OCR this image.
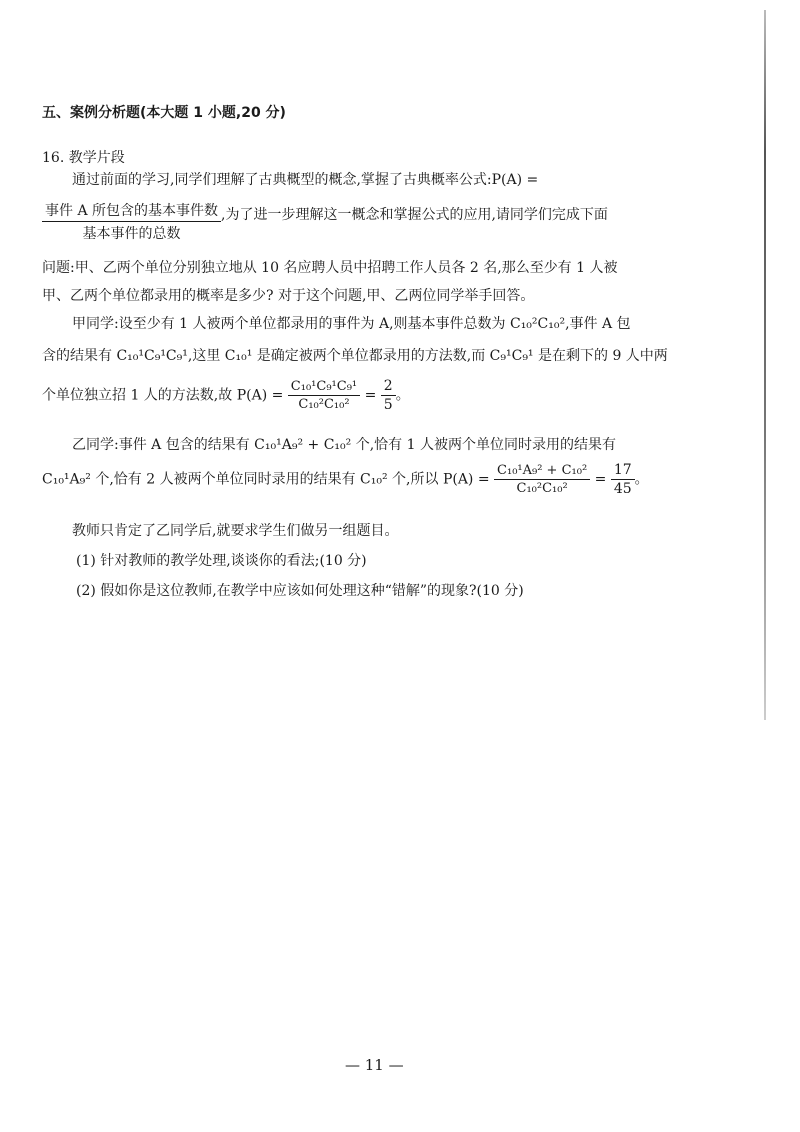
五、案例分析题(本大题 1 小题,20 分)
16. 教学片段
通过前面的学习,同学们理解了古典概型的概念,掌握了古典概率公式:P(A) =
$\frac{\text{事件 A 所包含的基本事件数}}{\text{基本事件的总数}}$ ,为了进一步理解这一概念和掌握公式的应用,请同学们完成下面
问题:甲、乙两个单位分别独立地从 10 名应聘人员中招聘工作人员各 2 名,那么至少有 1 人被
甲、乙两个单位都录用的概率是多少? 对于这个问题,甲、乙两位同学举手回答。
甲同学:设至少有 1 人被两个单位都录用的事件为 A,则基本事件总数为 C₁₀²C₁₀²,事件 A 包
含的结果有 C₁₀¹C₉¹C₉¹,这里 C₁₀¹ 是确定被两个单位都录用的方法数,而 C₉¹C₉¹ 是在剩下的 9 人中两
个单位独立招 1 人的方法数,故 $P(A) = \frac{\text{C₁₀¹C₉¹C₉¹}}{\text{C₁₀²C₁₀²}} = \frac{2}{5}$ 。
乙同学:事件 A 包含的结果有 C₁₀¹A₉² + C₁₀² 个,恰有 1 人被两个单位同时录用的结果有
C₁₀¹A₉² 个,恰有 2 人被两个单位同时录用的结果有 C₁₀² 个,所以 $P(A) = \frac{\text{C₁₀¹A₉² + C₁₀²}}{\text{C₁₀²C₁₀²}} = \frac{17}{45}$ 。
教师只肯定了乙同学后,就要求学生们做另一组题目。
(1) 针对教师的教学处理,谈谈你的看法;(10 分)
(2) 假如你是这位教师,在教学中应该如何处理这种“错解”的现象?(10 分)
— 11 —
